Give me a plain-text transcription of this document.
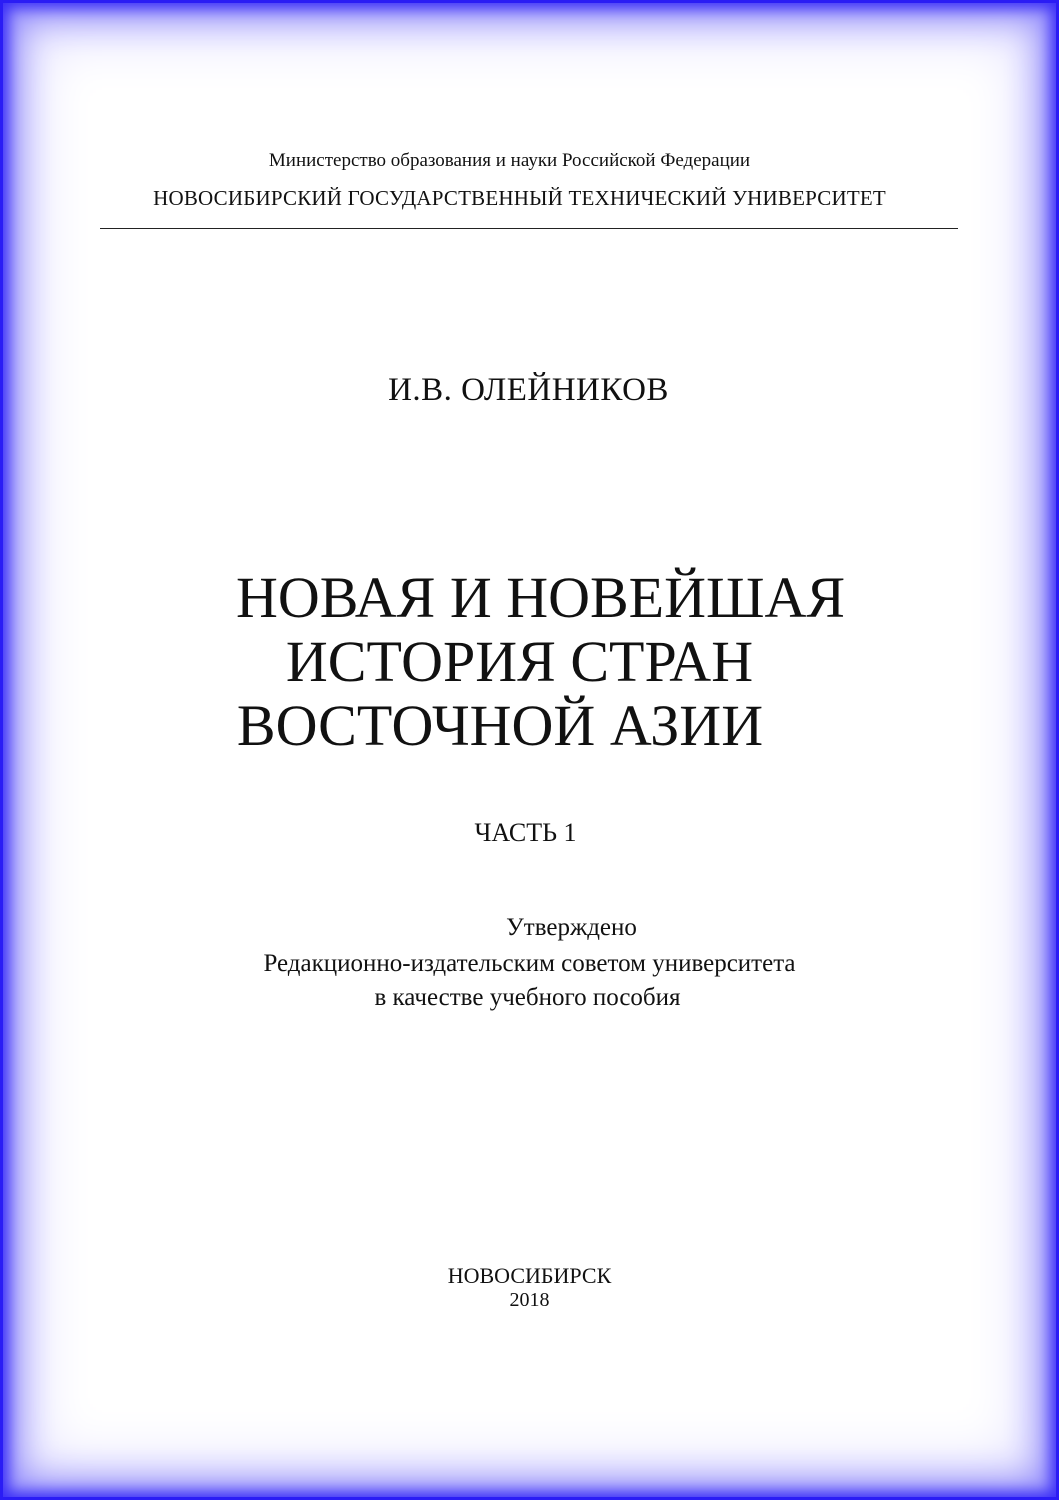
Министерство образования и науки Российской Федерации
НОВОСИБИРСКИЙ ГОСУДАРСТВЕННЫЙ ТЕХНИЧЕСКИЙ УНИВЕРСИТЕТ
И.В. ОЛЕЙНИКОВ
НОВАЯ И НОВЕЙШАЯ
ИСТОРИЯ СТРАН
ВОСТОЧНОЙ АЗИИ
ЧАСТЬ 1
Утверждено
Редакционно-издательским советом университета
в качестве учебного пособия
НОВОСИБИРСК
2018
